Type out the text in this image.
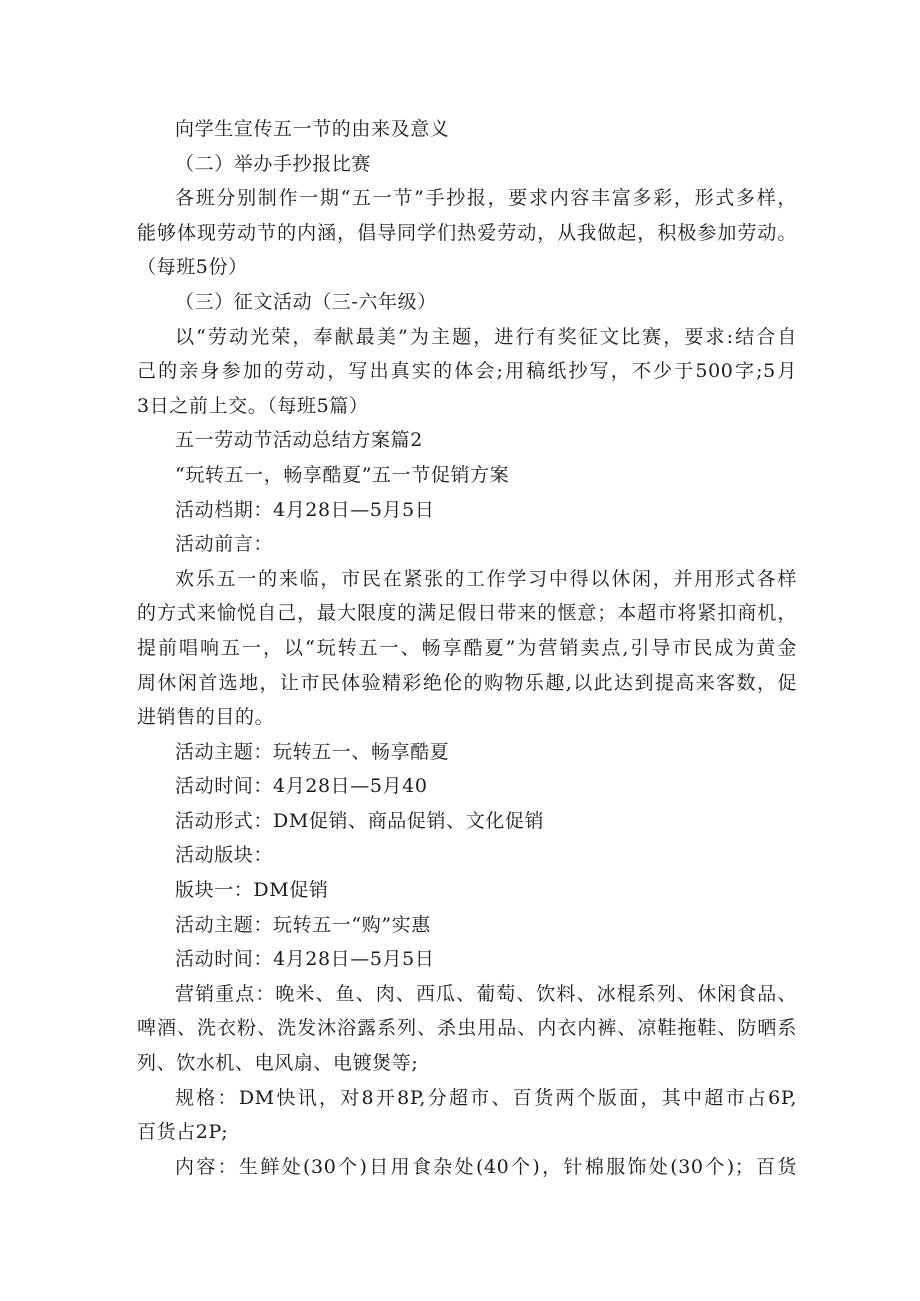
向学生宣传五一节的由来及意义
（二）举办手抄报比赛
各班分别制作一期“五一节”手抄报，要求内容丰富多彩，形式多样，
能够体现劳动节的内涵，倡导同学们热爱劳动，从我做起，积极参加劳动。
（每班5份）
（三）征文活动（三-六年级）
以“劳动光荣，奉献最美”为主题，进行有奖征文比赛，要求:结合自
己的亲身参加的劳动，写出真实的体会;用稿纸抄写，不少于500字;5月
3日之前上交。（每班5篇）
五一劳动节活动总结方案篇2
“玩转五一，畅享酷夏”五一节促销方案
活动档期：4月28日—5月5日
活动前言：
欢乐五一的来临，市民在紧张的工作学习中得以休闲，并用形式各样
的方式来愉悦自己，最大限度的满足假日带来的惬意；本超市将紧扣商机，
提前唱响五一，以“玩转五一、畅享酷夏”为营销卖点,引导市民成为黄金
周休闲首选地，让市民体验精彩绝伦的购物乐趣,以此达到提高来客数，促
进销售的目的。
活动主题：玩转五一、畅享酷夏
活动时间：4月28日—5月40
活动形式：DM促销、商品促销、文化促销
活动版块：
版块一：DM促销
活动主题：玩转五一“购”实惠
活动时间：4月28日—5月5日
营销重点：晚米、鱼、肉、西瓜、葡萄、饮料、冰棍系列、休闲食品、
啤酒、洗衣粉、洗发沐浴露系列、杀虫用品、内衣内裤、凉鞋拖鞋、防晒系
列、饮水机、电风扇、电镀煲等;
规格：DM快讯，对8开8P,分超市、百货两个版面，其中超市占6P,
百货占2P;
内容：生鲜处(30个)日用食杂处(40个)，针棉服饰处(30个)；百货
